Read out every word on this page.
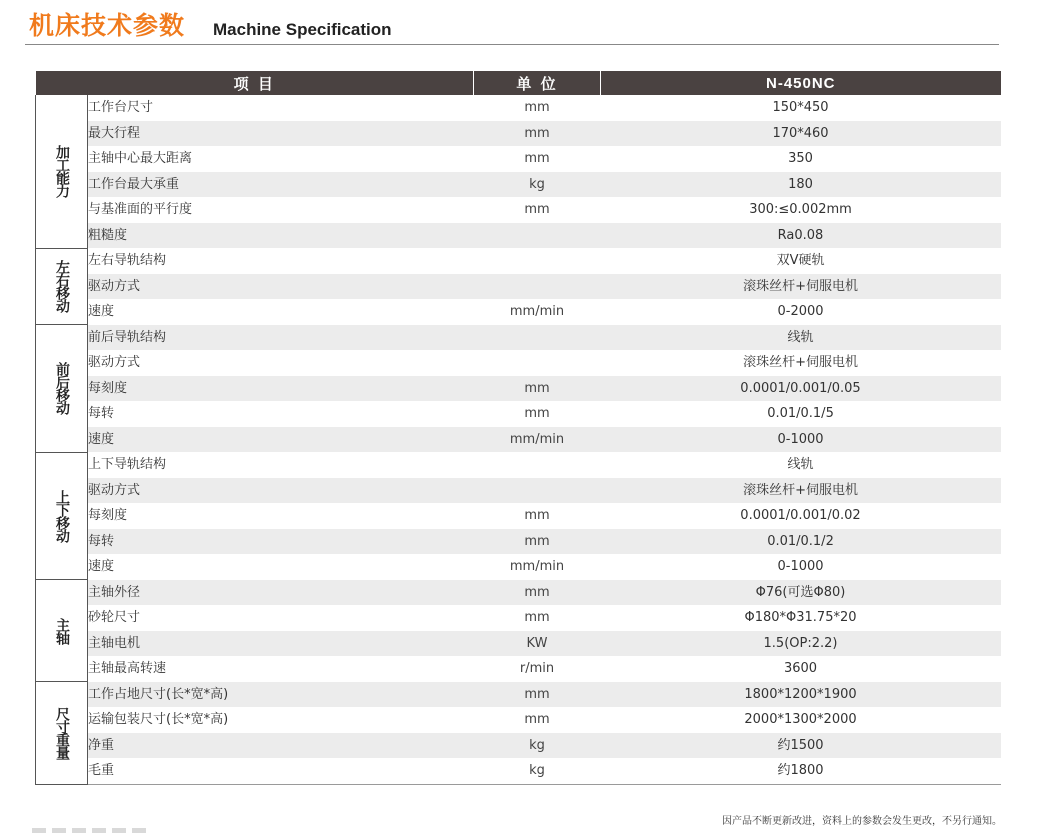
机床技术参数 Machine Specification
项 目		单 位	N-450NC
加工能力	工作台尺寸	mm	150*450
	最大行程	mm	170*460
	主轴中心最大距离	mm	350
	工作台最大承重	kg	180
	与基准面的平行度	mm	300:≤0.002mm
	粗糙度		Ra0.08
左右移动	左右导轨结构		双V硬轨
	驱动方式		滚珠丝杆+伺服电机
	速度	mm/min	0-2000
前后移动	前后导轨结构		线轨
	驱动方式		滚珠丝杆+伺服电机
	每刻度	mm	0.0001/0.001/0.05
	每转	mm	0.01/0.1/5
	速度	mm/min	0-1000
上下移动	上下导轨结构		线轨
	驱动方式		滚珠丝杆+伺服电机
	每刻度	mm	0.0001/0.001/0.02
	每转	mm	0.01/0.1/2
	速度	mm/min	0-1000
主轴	主轴外径	mm	Φ76(可选Φ80)
	砂轮尺寸	mm	Φ180*Φ31.75*20
	主轴电机	KW	1.5(OP:2.2)
	主轴最高转速	r/min	3600
尺寸重量	工作占地尺寸(长*宽*高)	mm	1800*1200*1900
	运输包装尺寸(长*宽*高)	mm	2000*1300*2000
	净重	kg	约1500
	毛重	kg	约1800
因产品不断更新改进，资料上的参数会发生更改，不另行通知。
